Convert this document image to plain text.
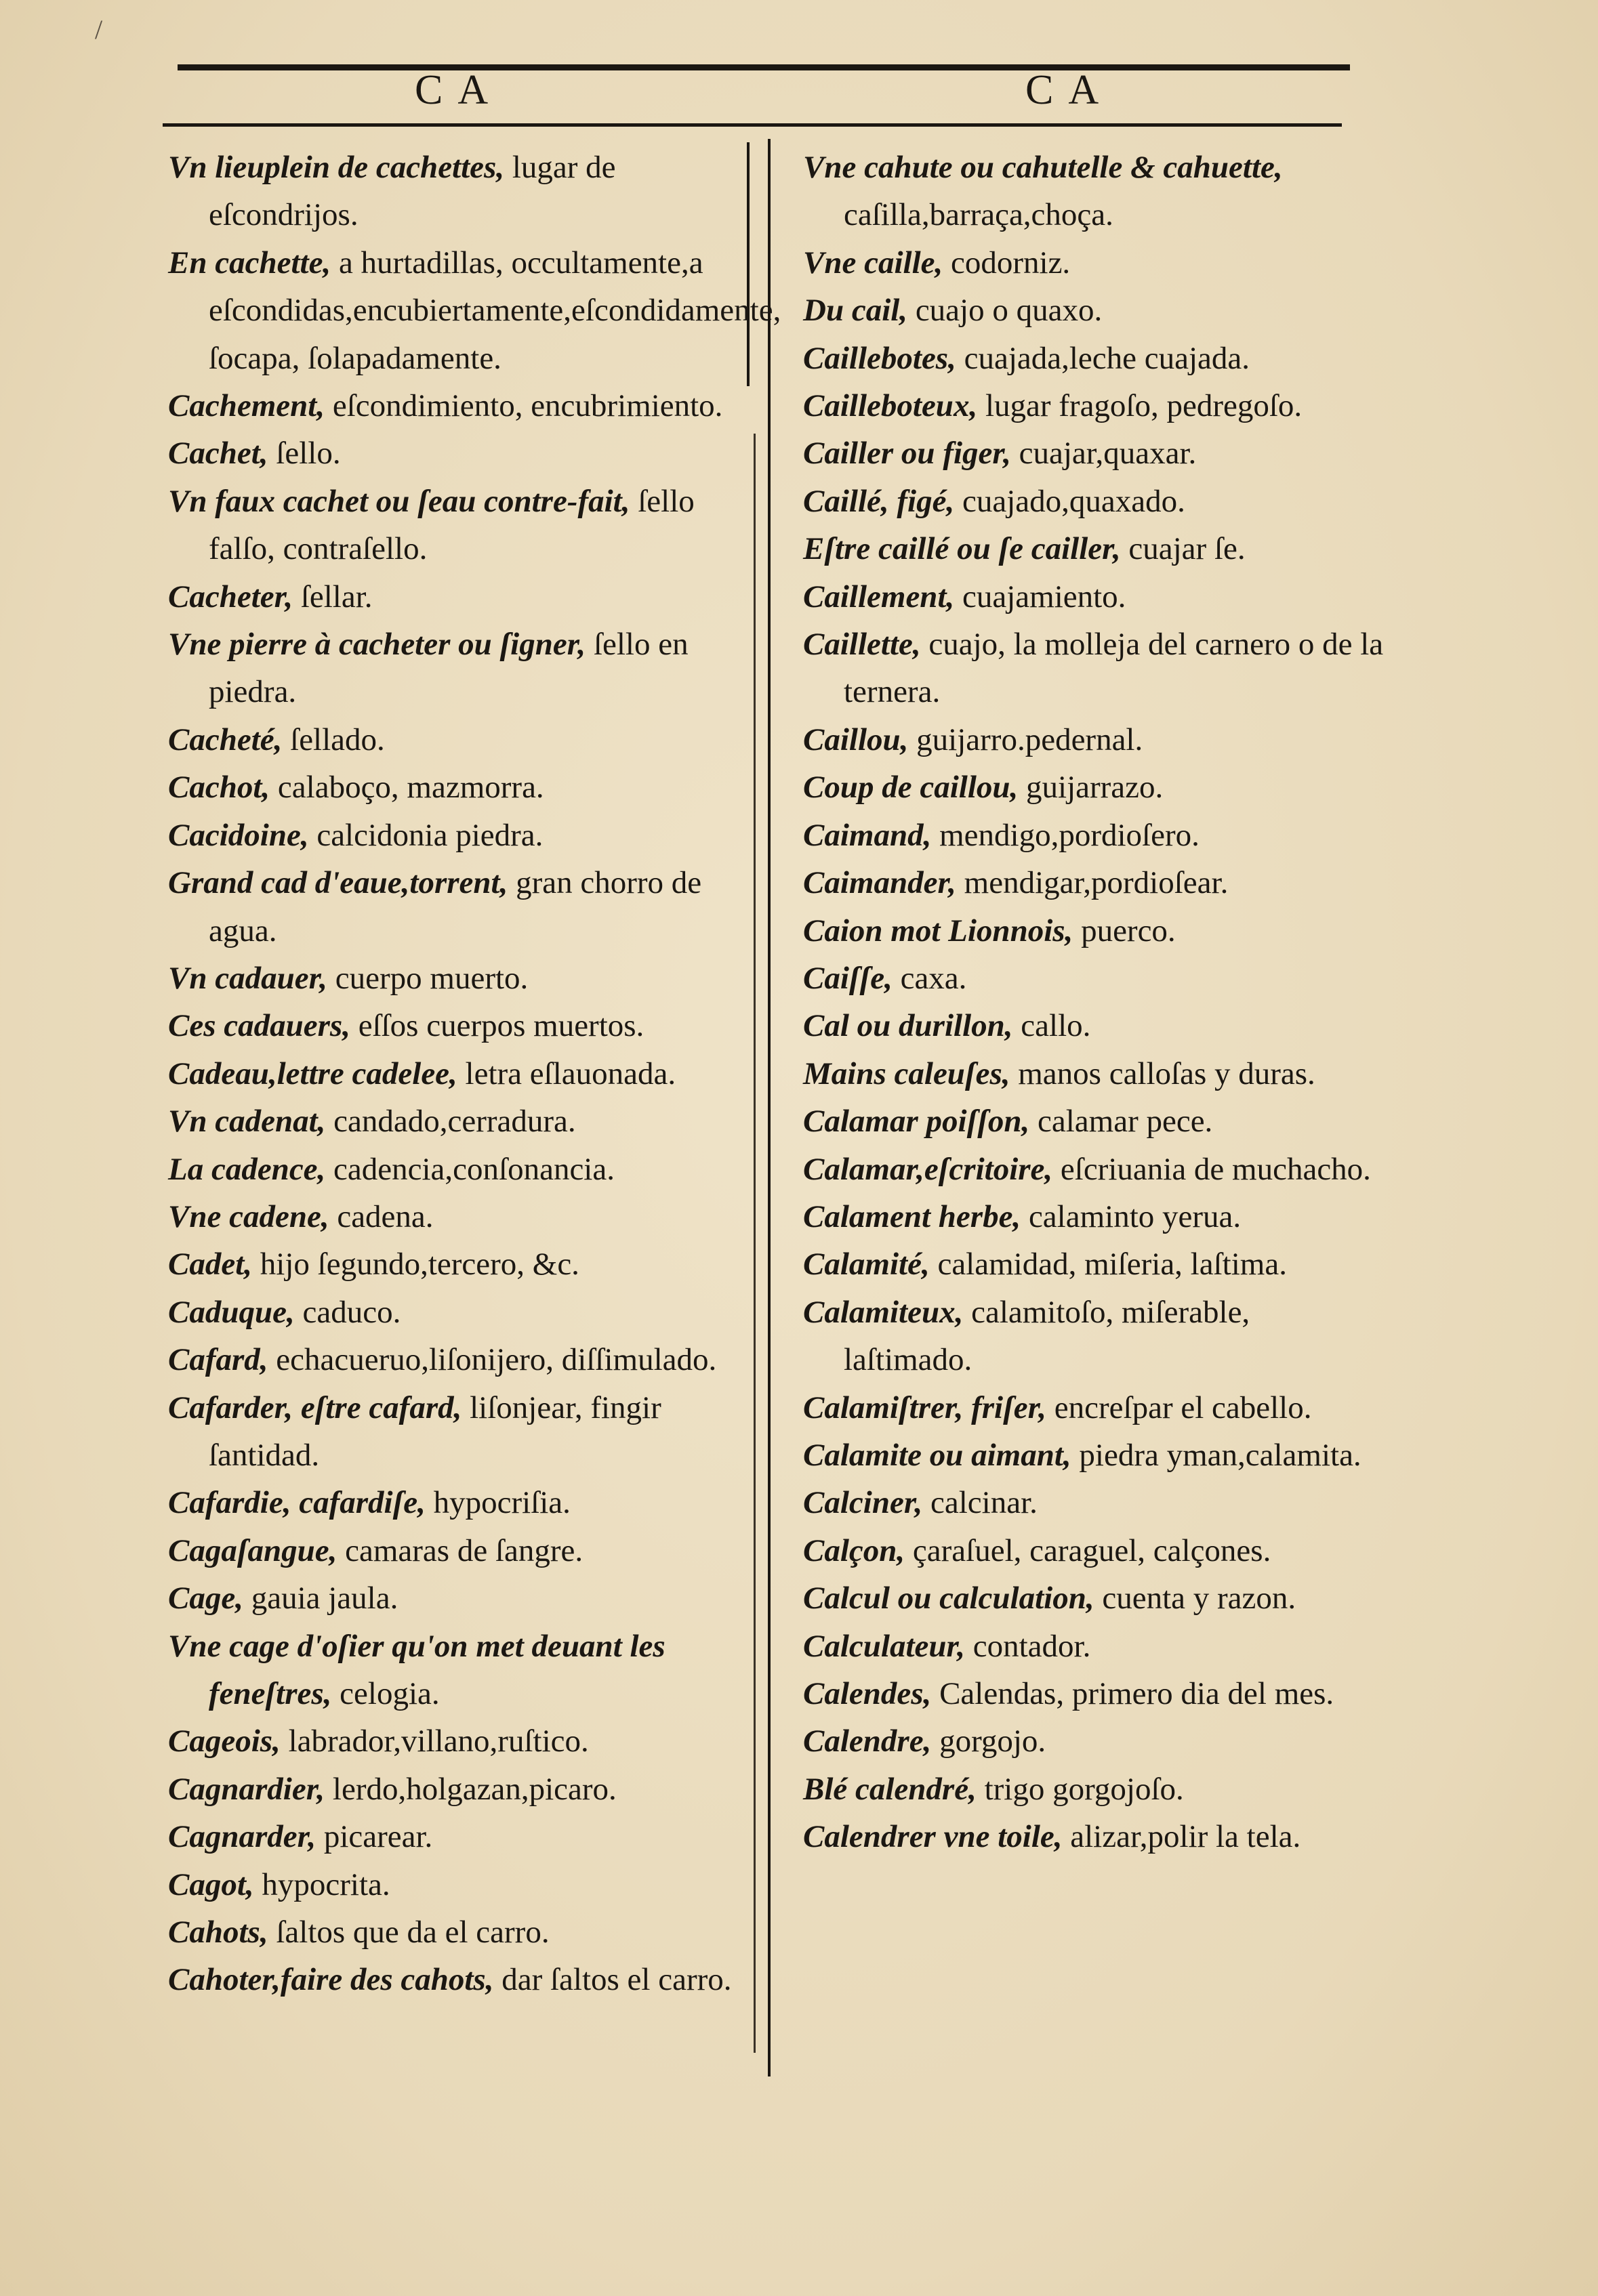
/
CA	CA

Vn lieuplein de cachettes, lugar de eſcondrijos.

En cachette, a hurtadillas, occultamente,a eſcondidas,encubiertamente,eſcondidamente, ſocapa, ſolapadamente.

Cachement, eſcondimiento, encubrimiento.

Cachet, ſello.

Vn faux cachet ou ſeau contre-fait, ſello falſo, contraſello.

Cacheter, ſellar.

Vne pierre à cacheter ou ſigner, ſello en piedra.

Cacheté, ſellado.

Cachot, calaboço, mazmorra.

Cacidoine, calcidonia piedra.

Grand cad d'eaue,torrent, gran chorro de agua.

Vn cadauer, cuerpo muerto.

Ces cadauers, eſſos cuerpos muertos.

Cadeau,lettre cadelee, letra eſlauonada.

Vn cadenat, candado,cerradura.

La cadence, cadencia,conſonancia.

Vne cadene, cadena.

Cadet, hijo ſegundo,tercero, &c.

Caduque, caduco.

Cafard, echacueruo,liſonijero, diſſimulado.

Cafarder, eſtre cafard, liſonjear, fingir ſantidad.

Cafardie, cafardiſe, hypocriſia.

Cagaſangue, camaras de ſangre.

Cage, gauia jaula.

Vne cage d'oſier qu'on met deuant les feneſtres, celogia.

Cageois, labrador,villano,ruſtico.

Cagnardier, lerdo,holgazan,picaro.

Cagnarder, picarear.

Cagot, hypocrita.

Cahots, ſaltos que da el carro.

Cahoter,faire des cahots, dar ſaltos el carro.

Vne cahute ou cahutelle & cahuette, caſilla,barraça,choça.

Vne caille, codorniz.

Du cail, cuajo o quaxo.

Caillebotes, cuajada,leche cuajada.

Cailleboteux, lugar fragoſo, pedregoſo.

Cailler ou figer, cuajar,quaxar.

Caillé, figé, cuajado,quaxado.

Eſtre caillé ou ſe cailler, cuajar ſe.

Caillement, cuajamiento.

Caillette, cuajo, la molleja del carnero o de la ternera.

Caillou, guijarro.pedernal.

Coup de caillou, guijarrazo.

Caimand, mendigo,pordioſero.

Caimander, mendigar,pordioſear.

Caion mot Lionnois, puerco.

Caiſſe, caxa.

Cal ou durillon, callo.

Mains caleuſes, manos calloſas y duras.

Calamar poiſſon, calamar pece.

Calamar,eſcritoire, eſcriuania de muchacho.

Calament herbe, calaminto yerua.

Calamité, calamidad, miſeria, laſtima.

Calamiteux, calamitoſo, miſerable, laſtimado.

Calamiſtrer, friſer, encreſpar el cabello.

Calamite ou aimant, piedra yman,calamita.

Calciner, calcinar.

Calçon, çaraſuel, caraguel, calçones.

Calcul ou calculation, cuenta y razon.

Calculateur, contador.

Calendes, Calendas, primero dia del mes.

Calendre, gorgojo.

Blé calendré, trigo gorgojoſo.

Calendrer vne toile, alizar,polir la tela.
